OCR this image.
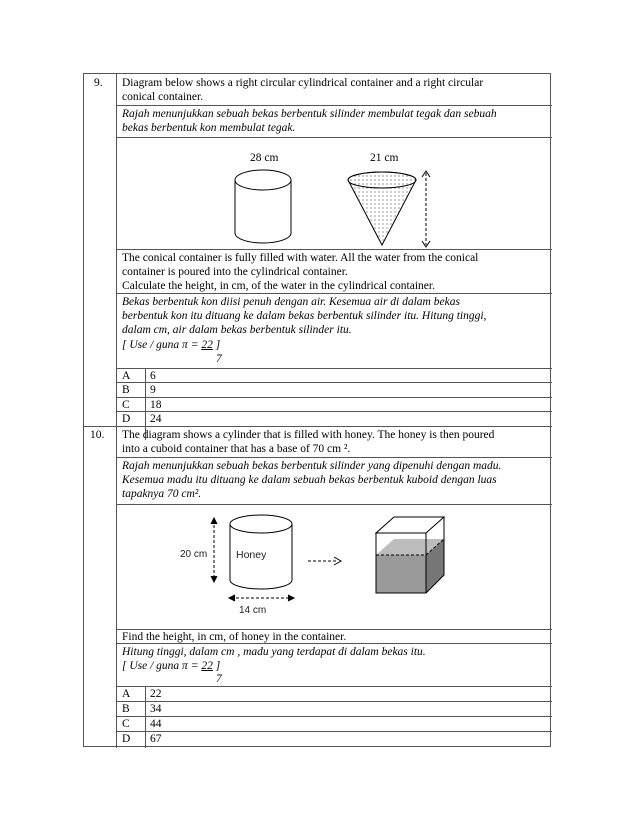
9. Diagram below shows a right circular cylindrical container and a right circular
conical container.
Rajah menunjukkan sebuah bekas berbentuk silinder membulat tegak dan sebuah
bekas berbentuk kon membulat tegak.
28 cm	21 cm
The conical container is fully filled with water. All the water from the conical
container is poured into the cylindrical container.
Calculate the height, in cm, of the water in the cylindrical container.
Bekas berbentuk kon diisi penuh dengan air. Kesemua air di dalam bekas
berbentuk kon itu dituang ke dalam bekas berbentuk silinder itu. Hitung tinggi,
dalam cm, air dalam bekas berbentuk silinder itu.
[ Use / guna π = 22 ]
7
A 6
B 9
C 18
D 24
10. The diagram shows a cylinder that is filled with honey. The honey is then poured
into a cuboid container that has a base of 70 cm ².
Rajah menunjukkan sebuah bekas berbentuk silinder yang dipenuhi dengan madu.
Kesemua madu itu dituang ke dalam sebuah bekas berbentuk kuboid dengan luas
tapaknya 70 cm².
20 cm	Honey
14 cm
Find the height, in cm, of honey in the container.
Hitung tinggi, dalam cm , madu yang terdapat di dalam bekas itu.
[ Use / guna π = 22 ]
7
A 22
B 34
C 44
D 67
